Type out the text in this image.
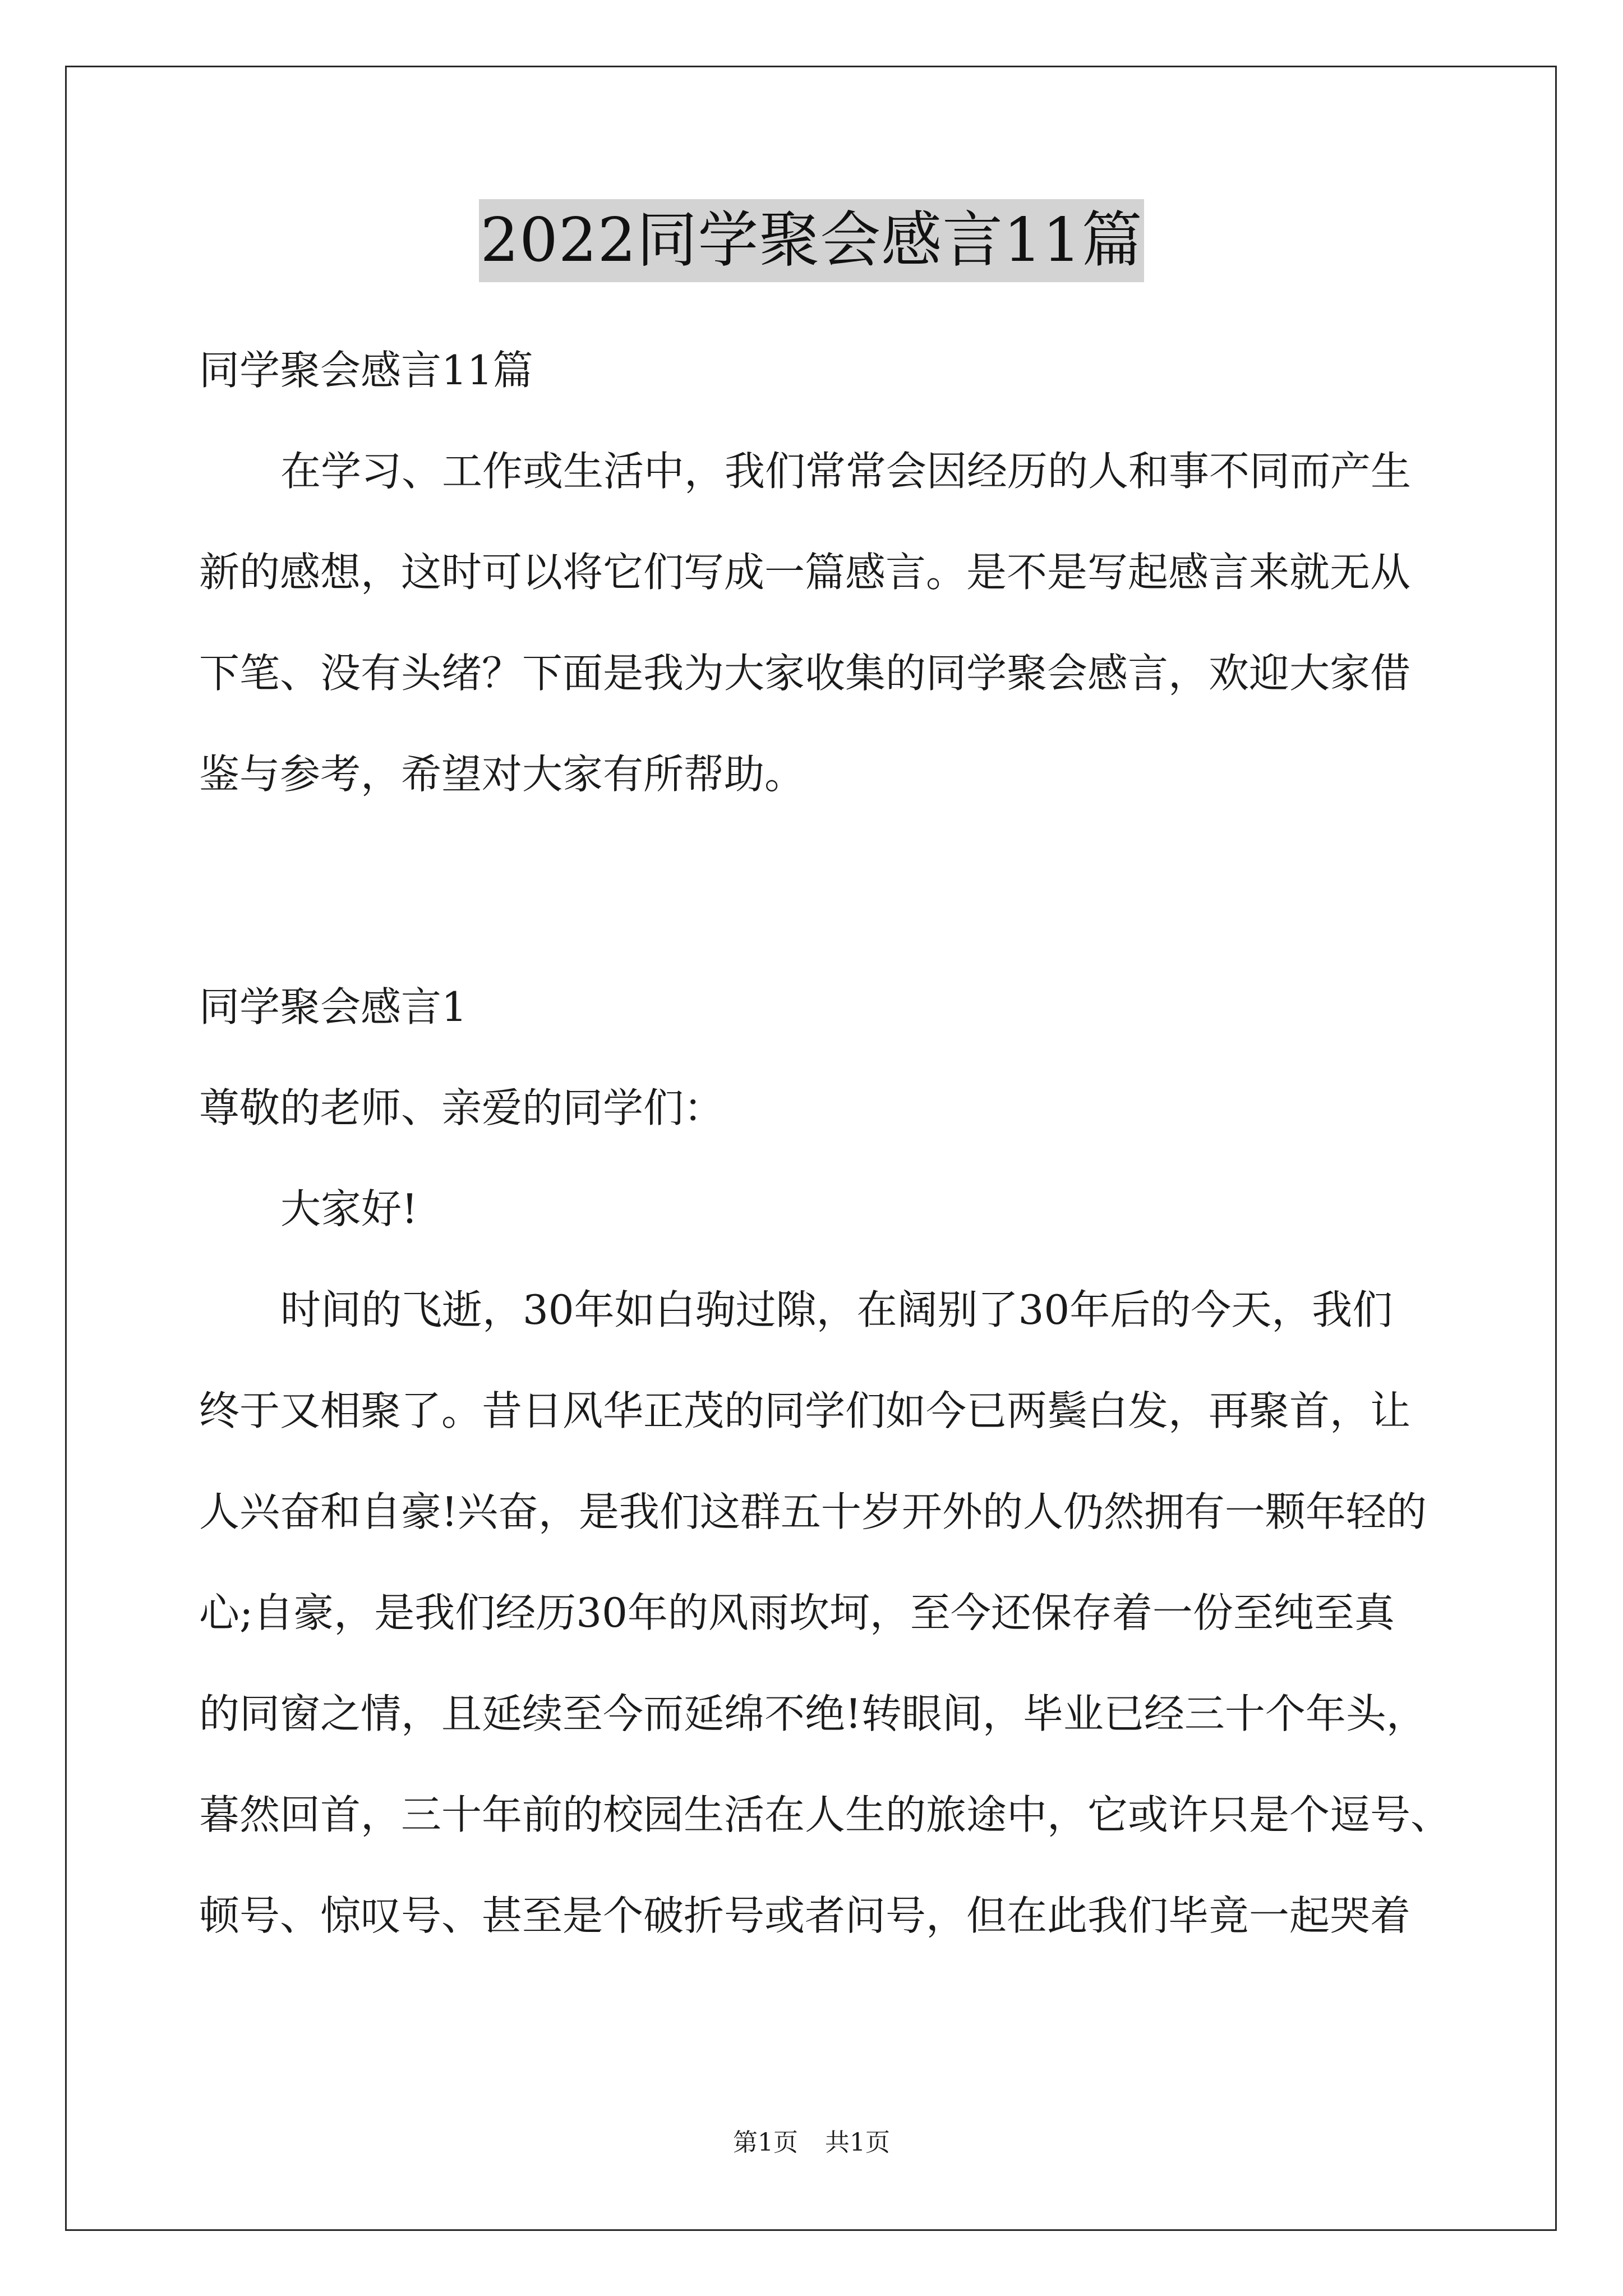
2022同学聚会感言11篇
同学聚会感言11篇
在学习、工作或生活中，我们常常会因经历的人和事不同而产生
新的感想，这时可以将它们写成一篇感言。是不是写起感言来就无从
下笔、没有头绪？下面是我为大家收集的同学聚会感言，欢迎大家借
鉴与参考，希望对大家有所帮助。
同学聚会感言1
尊敬的老师、亲爱的同学们：
大家好!
时间的飞逝，30年如白驹过隙，在阔别了30年后的今天，我们
终于又相聚了。昔日风华正茂的同学们如今已两鬓白发，再聚首，让
人兴奋和自豪!兴奋，是我们这群五十岁开外的人仍然拥有一颗年轻的
心;自豪，是我们经历30年的风雨坎坷，至今还保存着一份至纯至真
的同窗之情，且延续至今而延绵不绝!转眼间，毕业已经三十个年头，
暮然回首，三十年前的校园生活在人生的旅途中，它或许只是个逗号、
顿号、惊叹号、甚至是个破折号或者问号，但在此我们毕竟一起哭着
第1页 共1页
